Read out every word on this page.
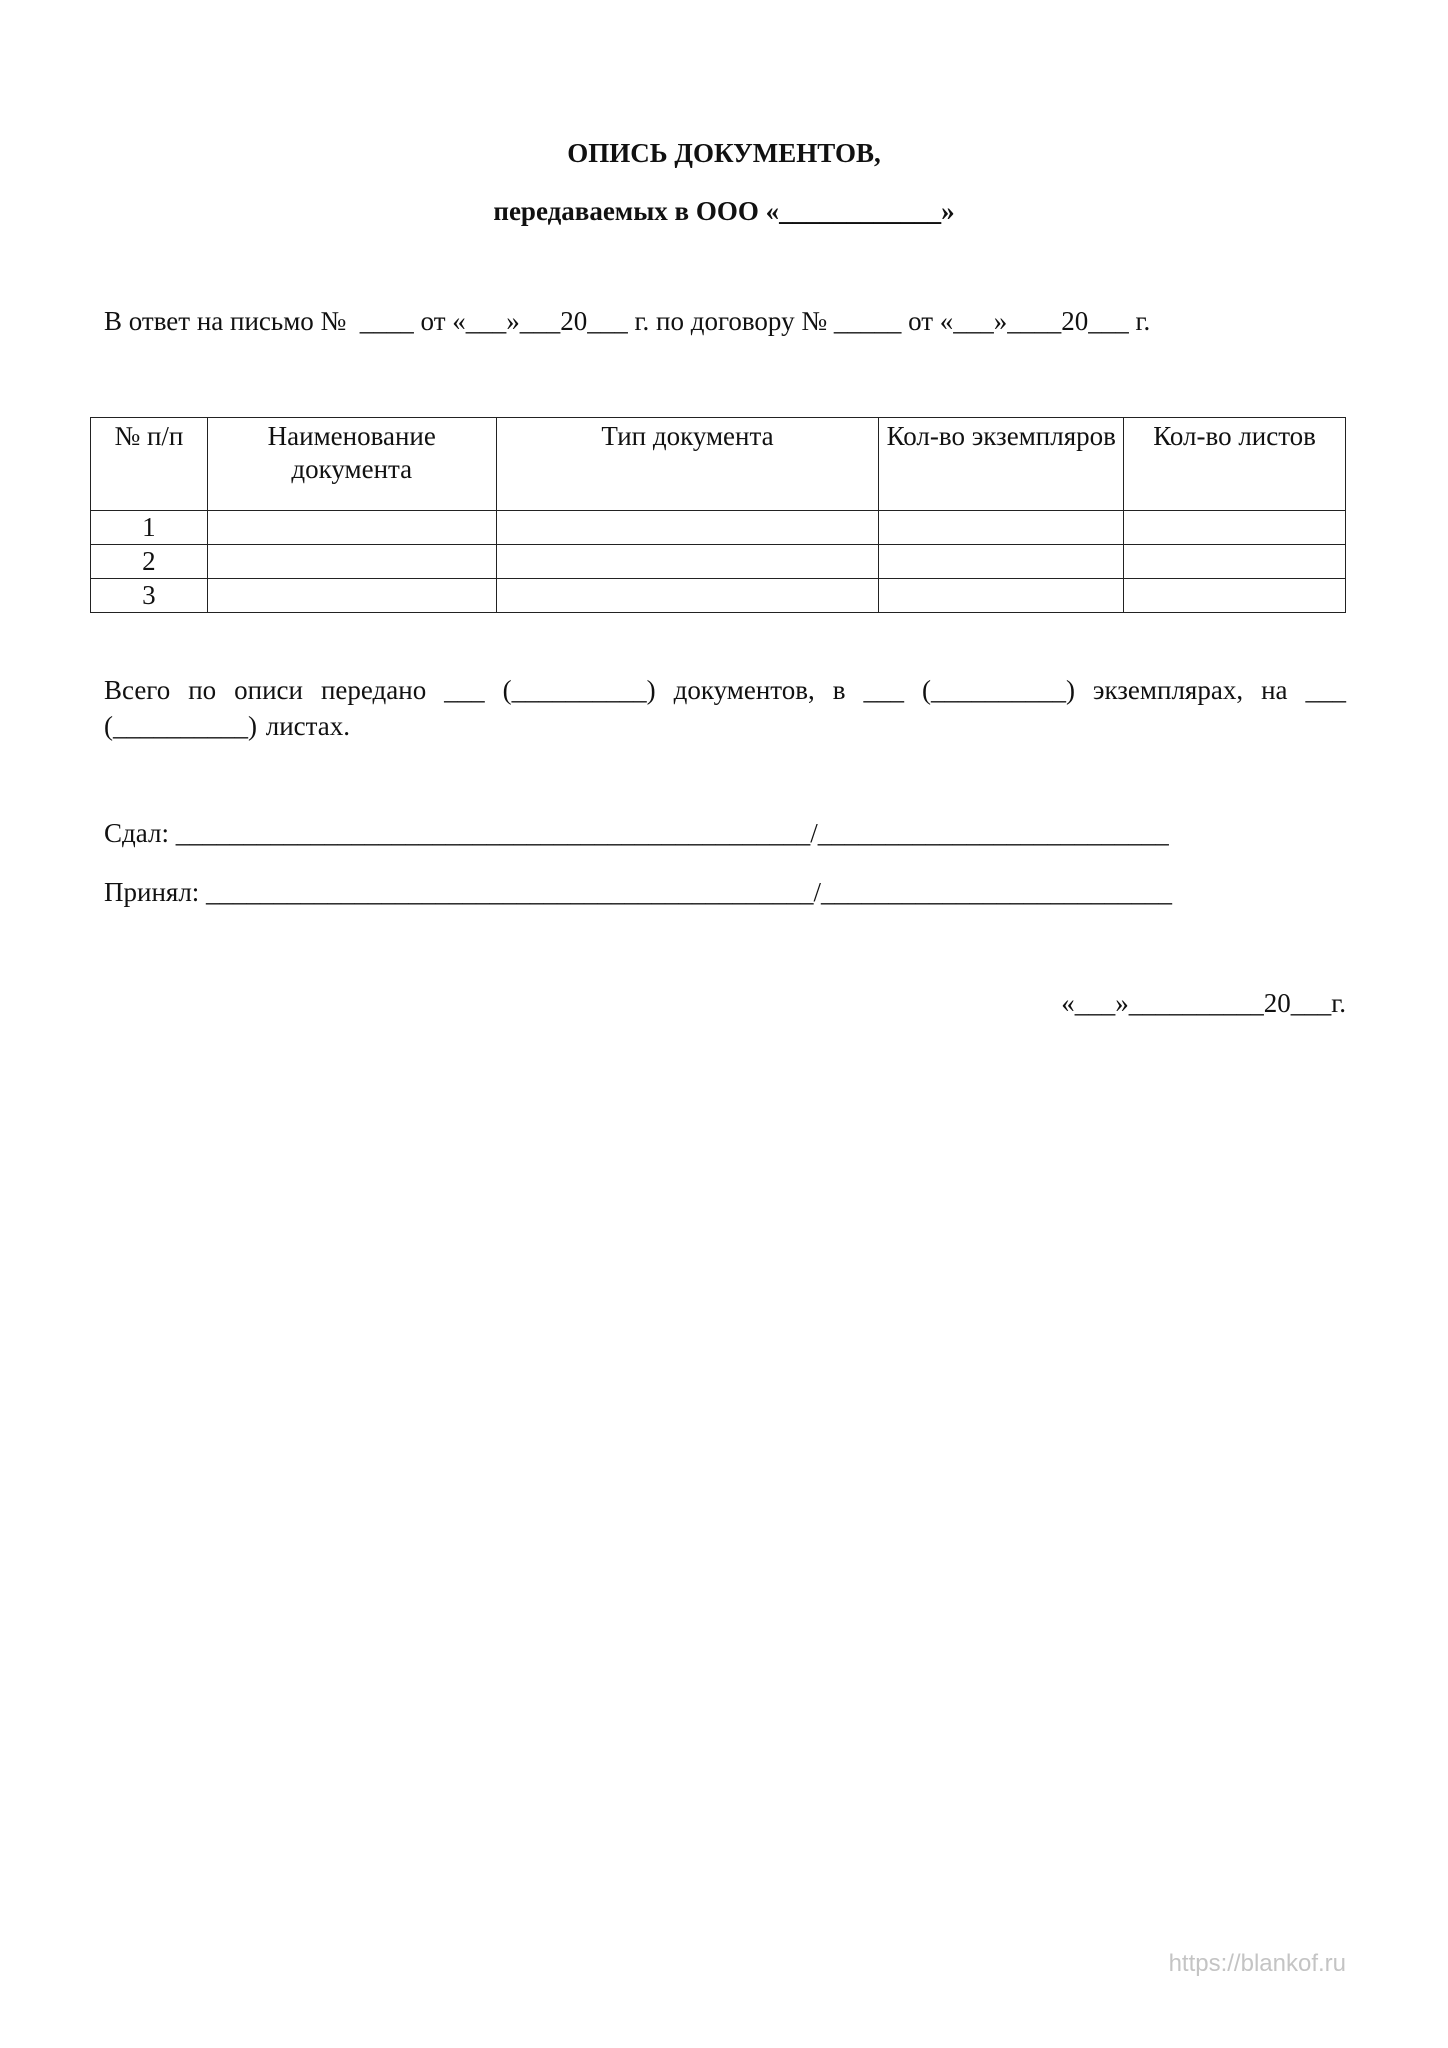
ОПИСЬ ДОКУМЕНТОВ,
передаваемых в ООО «____________»
В ответ на письмо №  ____ от «___»___20___ г. по договору № _____ от «___»____20___ г.
№ п/п	Наименование документа	Тип документа	Кол-во экземпляров	Кол-во листов
1				
2				
3				
Всего по описи передано ___ (__________) документов, в ___ (__________) экземплярах, на ___ (__________) листах.
Сдал: _______________________________________________/__________________________
Принял: _____________________________________________/__________________________
«___»__________20___г.
https://blankof.ru
